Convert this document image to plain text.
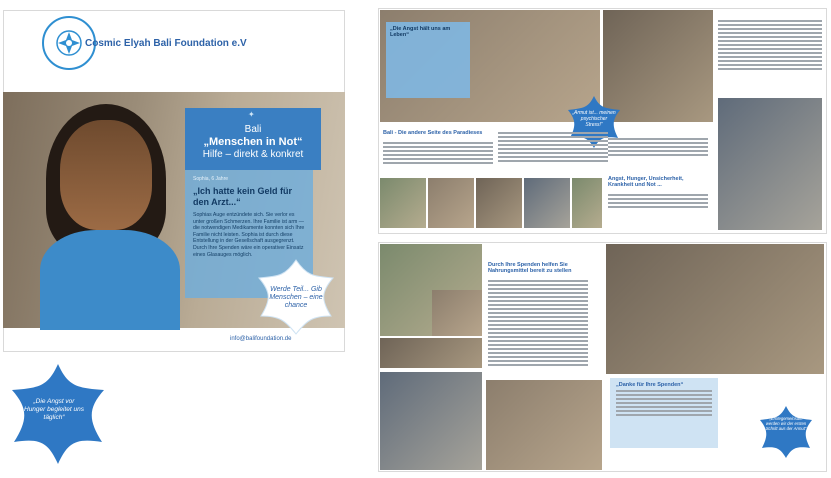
Cosmic Elyah Bali Foundation e.V
Bali
„Menschen in Not“
Hilfe – direkt & konkret
✦
Sophia, 6 Jahre
„Ich hatte kein Geld für den Arzt...“
Sophias Auge entzündete sich. Sie verlor es unter großen Schmerzen. Ihre Familie ist arm — die notwendigen Medikamente konnten sich Ihre Familie nicht leisten. Sophia ist durch diese Entstellung in der Gesellschaft ausgegrenzt. Durch Ihre Spenden wäre ein operativer Einsatz eines Glasauges möglich.
Werde Teil... Gib Menschen – eine chance
info@balifoundation.de
„Die Angst vor Hunger begleitet uns täglich“
„Die Angst hält uns am Leben“
„Armut ist... meinen psychischer Stress!“
Bali - Die andere Seite des Paradieses
Angst, Hunger, Unsicherheit, Krankheit und Not ...
Durch Ihre Spenden helfen Sie Nahrungsmittel bereit zu stellen
„Danke für Ihre Spenden“
„Erntegemeinsam werden wir der ersten Schritt aus der Armut“
